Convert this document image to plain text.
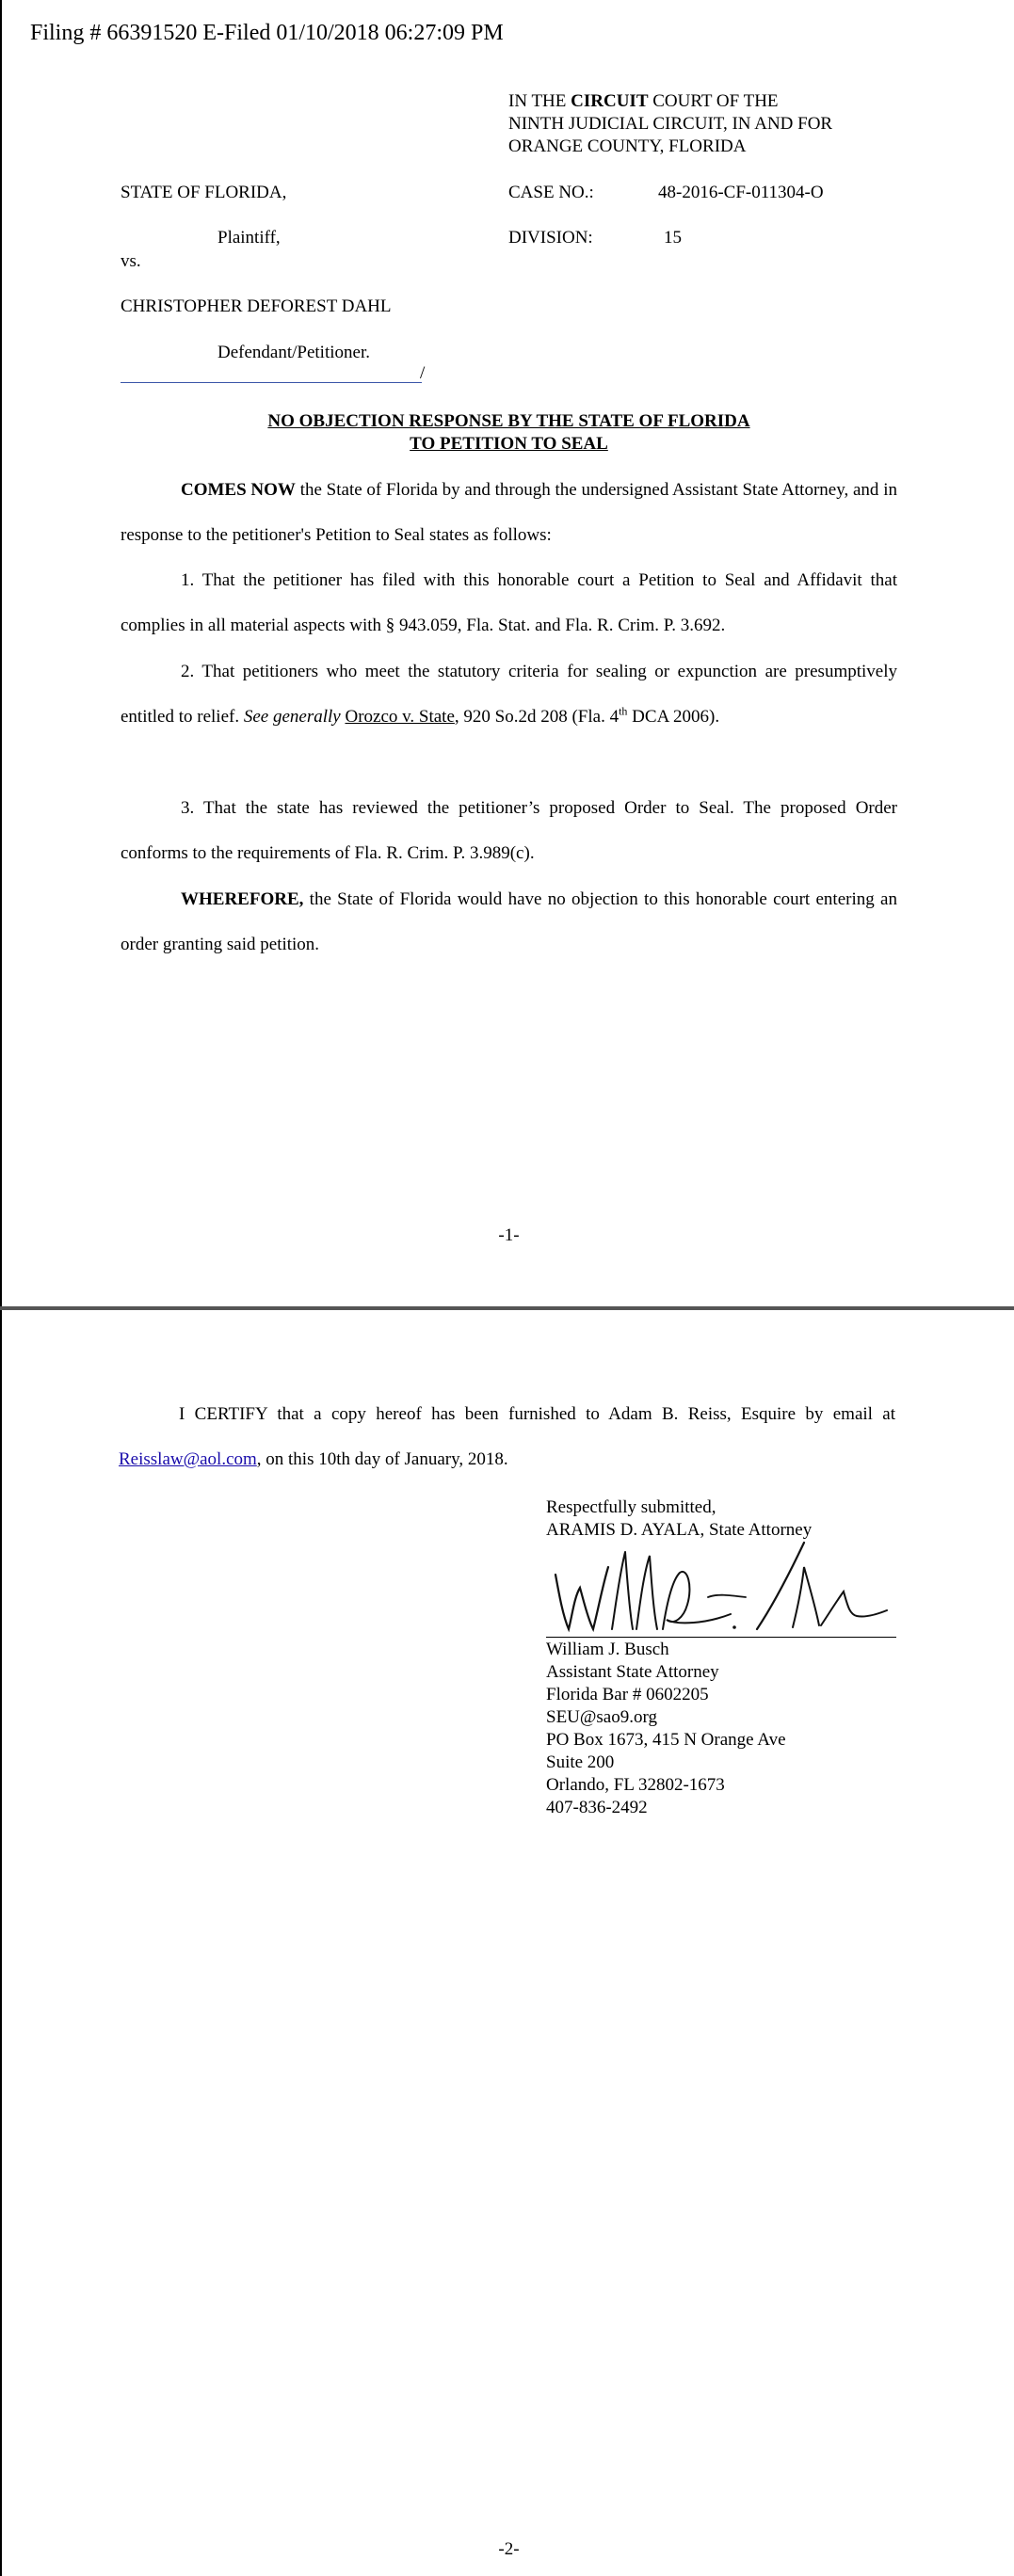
Filing # 66391520 E-Filed 01/10/2018 06:27:09 PM
IN THE CIRCUIT COURT OF THE
NINTH JUDICIAL CIRCUIT, IN AND FOR
ORANGE COUNTY, FLORIDA
STATE OF FLORIDA,	CASE NO.:	48-2016-CF-011304-O
Plaintiff,	DIVISION:	15
vs.
CHRISTOPHER DEFOREST DAHL
Defendant/Petitioner.
/
NO OBJECTION RESPONSE BY THE STATE OF FLORIDA
TO PETITION TO SEAL
COMES NOW the State of Florida by and through the undersigned Assistant State Attorney, and in response to the petitioner's Petition to Seal states as follows:
1. That the petitioner has filed with this honorable court a Petition to Seal and Affidavit that complies in all material aspects with § 943.059, Fla. Stat. and Fla. R. Crim. P. 3.692.
2. That petitioners who meet the statutory criteria for sealing or expunction are presumptively entitled to relief. See generally Orozco v. State, 920 So.2d 208 (Fla. 4th DCA 2006).
3. That the state has reviewed the petitioner’s proposed Order to Seal. The proposed Order conforms to the requirements of Fla. R. Crim. P. 3.989(c).
WHEREFORE, the State of Florida would have no objection to this honorable court entering an order granting said petition.
-1-
-2-
I CERTIFY that a copy hereof has been furnished to Adam B. Reiss, Esquire by email at Reisslaw@aol.com, on this 10th day of January, 2018.
Respectfully submitted,
ARAMIS D. AYALA, State Attorney
William J. Busch
Assistant State Attorney
Florida Bar # 0602205
SEU@sao9.org
PO Box 1673, 415 N Orange Ave
Suite 200
Orlando, FL 32802-1673
407-836-2492
